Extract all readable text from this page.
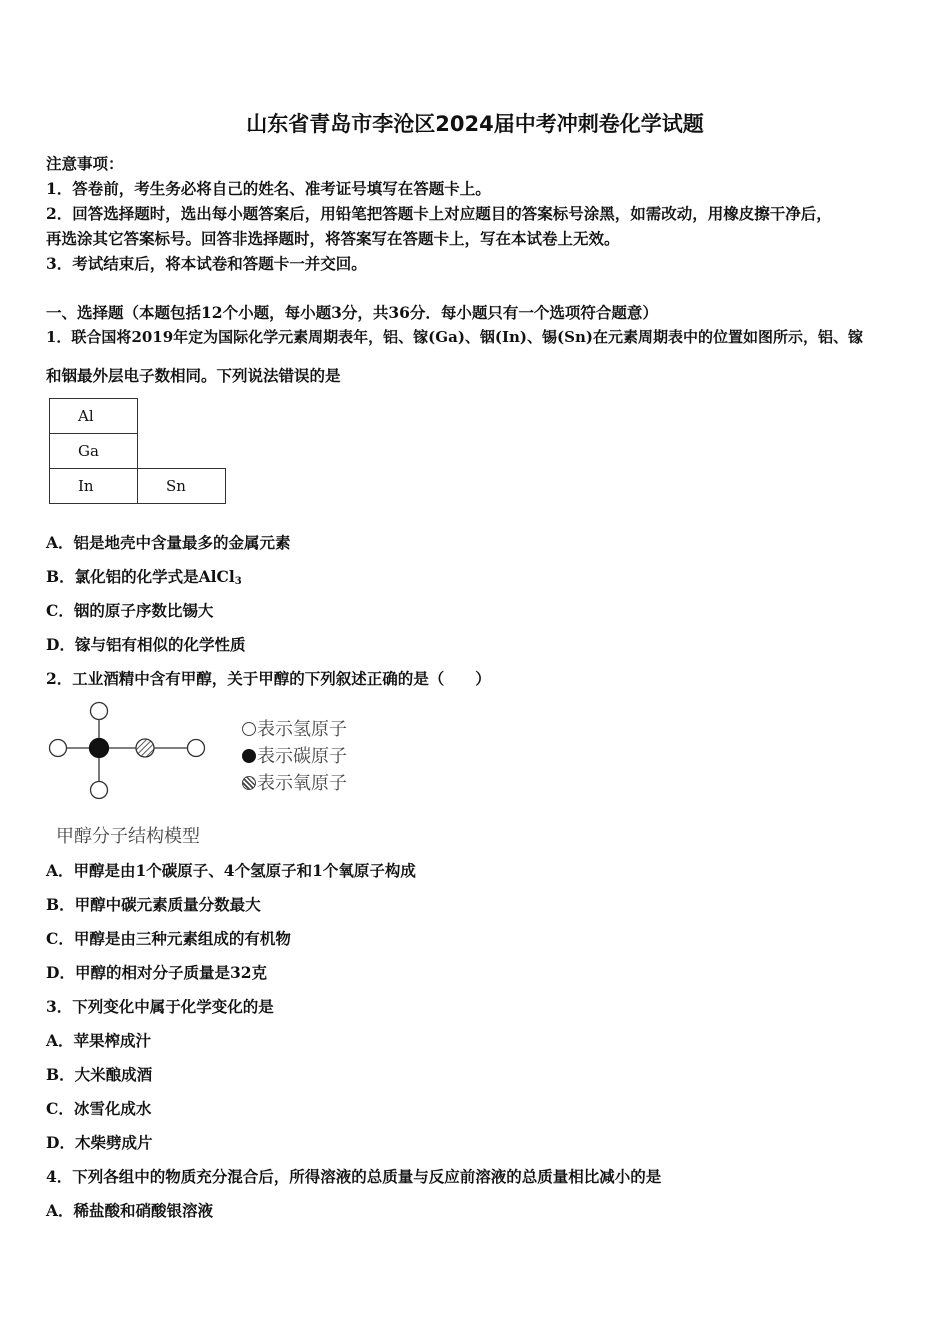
山东省青岛市李沧区2024届中考冲刺卷化学试题
注意事项：
1．答卷前，考生务必将自己的姓名、准考证号填写在答题卡上。
2．回答选择题时，选出每小题答案后，用铅笔把答题卡上对应题目的答案标号涂黑，如需改动，用橡皮擦干净后，
再选涂其它答案标号。回答非选择题时，将答案写在答题卡上，写在本试卷上无效。
3．考试结束后，将本试卷和答题卡一并交回。
一、选择题（本题包括12个小题，每小题3分，共36分．每小题只有一个选项符合题意）
1．联合国将2019年定为国际化学元素周期表年，铝、镓(Ga)、铟(In)、锡(Sn)在元素周期表中的位置如图所示，铝、镓
和铟最外层电子数相同。下列说法错误的是
Al	
Ga	
In	Sn
A．铝是地壳中含量最多的金属元素
B．氯化铝的化学式是AlCl$_3$
C．铟的原子序数比锡大
D．镓与铝有相似的化学性质
2．工业酒精中含有甲醇，关于甲醇的下列叙述正确的是（　　）
表示氢原子
表示碳原子
表示氧原子
甲醇分子结构模型
A．甲醇是由1个碳原子、4个氢原子和1个氧原子构成
B．甲醇中碳元素质量分数最大
C．甲醇是由三种元素组成的有机物
D．甲醇的相对分子质量是32克
3．下列变化中属于化学变化的是
A．苹果榨成汁
B．大米酿成酒
C．冰雪化成水
D．木柴劈成片
4．下列各组中的物质充分混合后，所得溶液的总质量与反应前溶液的总质量相比减小的是
A．稀盐酸和硝酸银溶液
